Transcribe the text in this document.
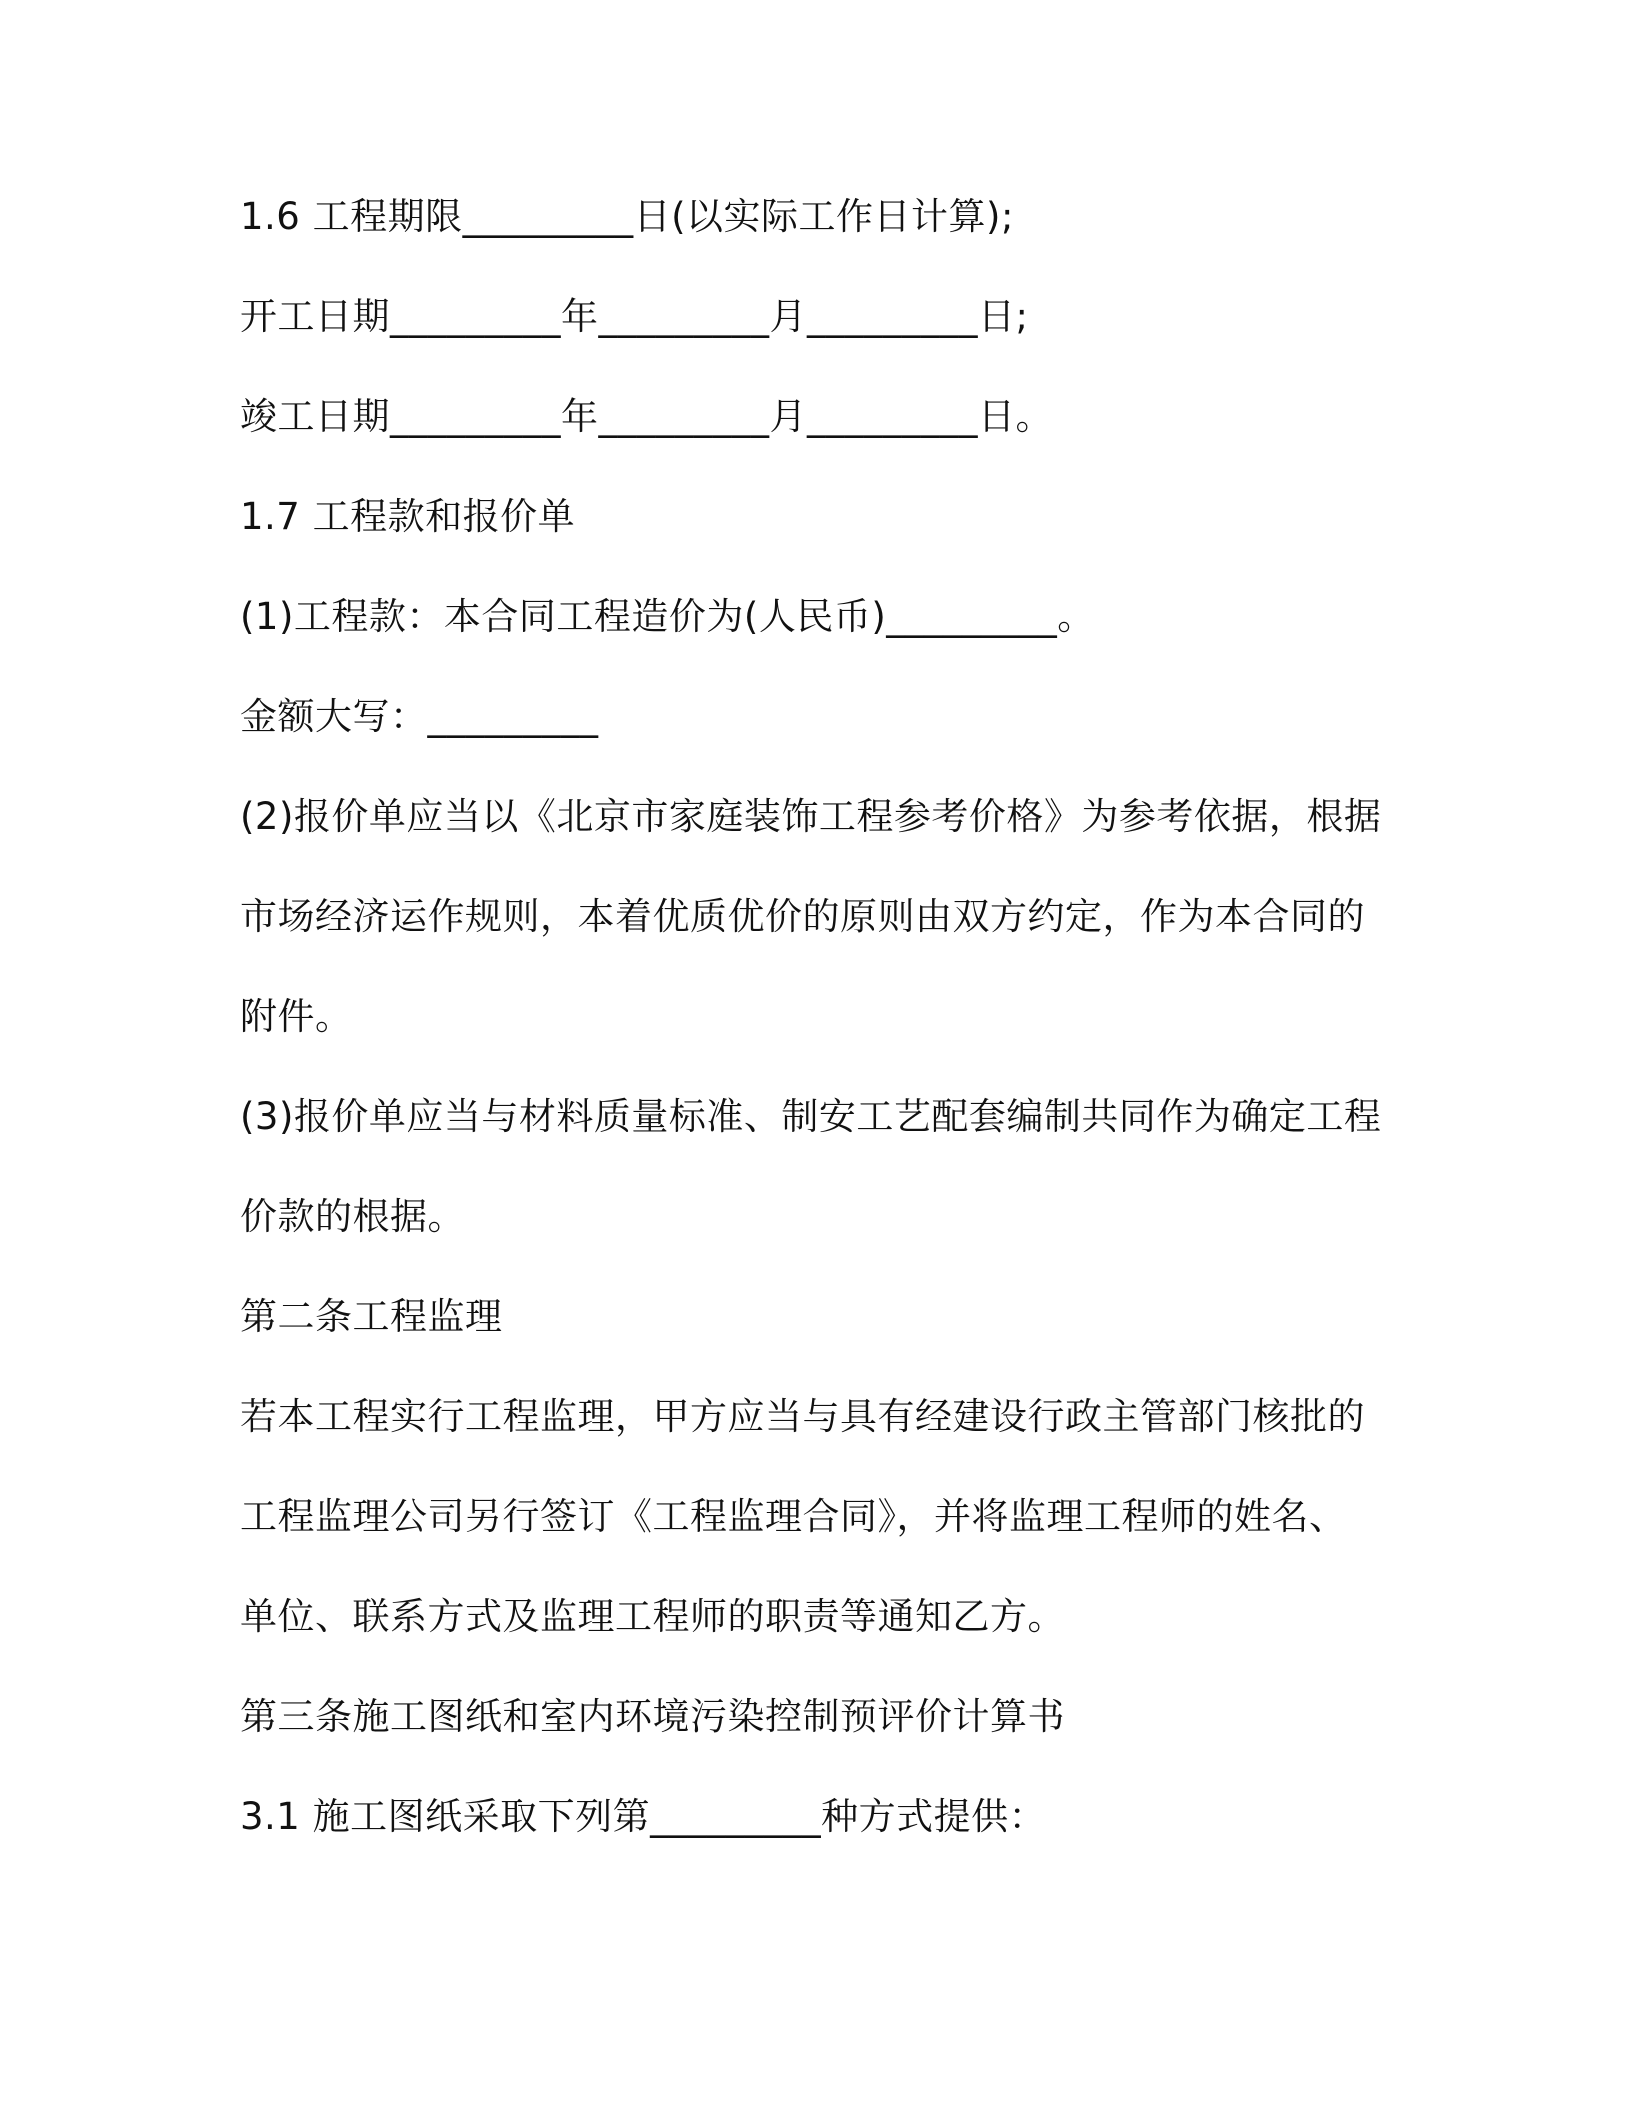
1.6 工程期限_________日(以实际工作日计算);
开工日期_________年_________月_________日;
竣工日期_________年_________月_________日。
1.7 工程款和报价单
(1)工程款：本合同工程造价为(人民币)_________。
金额大写：_________
(2)报价单应当以《北京市家庭装饰工程参考价格》为参考依据，根据
市场经济运作规则，本着优质优价的原则由双方约定，作为本合同的
附件。
(3)报价单应当与材料质量标准、制安工艺配套编制共同作为确定工程
价款的根据。
第二条工程监理
若本工程实行工程监理，甲方应当与具有经建设行政主管部门核批的
工程监理公司另行签订《工程监理合同》，并将监理工程师的姓名、
单位、联系方式及监理工程师的职责等通知乙方。
第三条施工图纸和室内环境污染控制预评价计算书
3.1 施工图纸采取下列第_________种方式提供：
